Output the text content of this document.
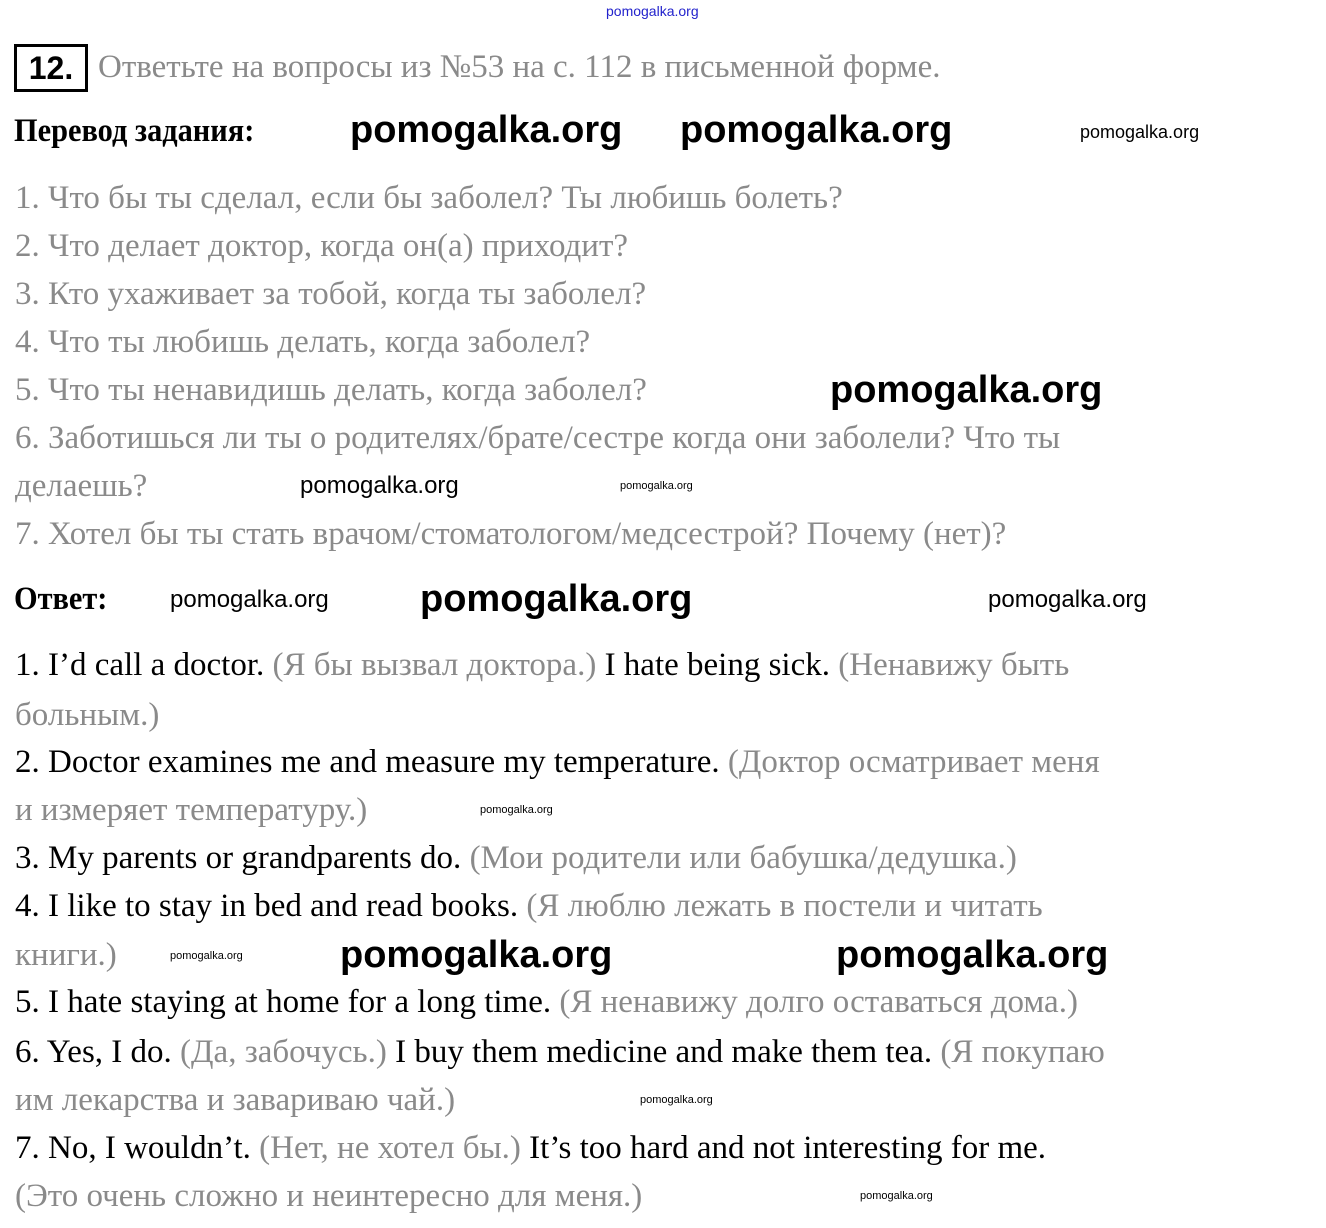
pomogalka.org
12. Ответьте на вопросы из №53 на с. 112 в письменной форме.
Перевод задания:
1. Что бы ты сделал, если бы заболел? Ты любишь болеть?
2. Что делает доктор, когда он(а) приходит?
3. Кто ухаживает за тобой, когда ты заболел?
4. Что ты любишь делать, когда заболел?
5. Что ты ненавидишь делать, когда заболел?
6. Заботишься ли ты о родителях/брате/сестре когда они заболели? Что ты
делаешь?
7. Хотел бы ты стать врачом/стоматологом/медсестрой? Почему (нет)?
Ответ:
1. I’d call a doctor. (Я бы вызвал доктора.) I hate being sick. (Ненавижу быть
больным.)
2. Doctor examines me and measure my temperature. (Доктор осматривает меня
и измеряет температуру.)
3. My parents or grandparents do. (Мои родители или бабушка/дедушка.)
4. I like to stay in bed and read books. (Я люблю лежать в постели и читать
книги.)
5. I hate staying at home for a long time. (Я ненавижу долго оставаться дома.)
6. Yes, I do. (Да, забочусь.) I buy them medicine and make them tea. (Я покупаю
им лекарства и завариваю чай.)
7. No, I wouldn’t. (Нет, не хотел бы.) It’s too hard and not interesting for me.
(Это очень сложно и неинтересно для меня.)
pomogalka.org pomogalka.org	pomogalka.org
pomogalka.org
pomogalka.org	pomogalka.org
pomogalka.org
pomogalka.org
pomogalka.org
pomogalka.org
pomogalka.org	pomogalka.org	pomogalka.org
pomogalka.org
pomogalka.org
